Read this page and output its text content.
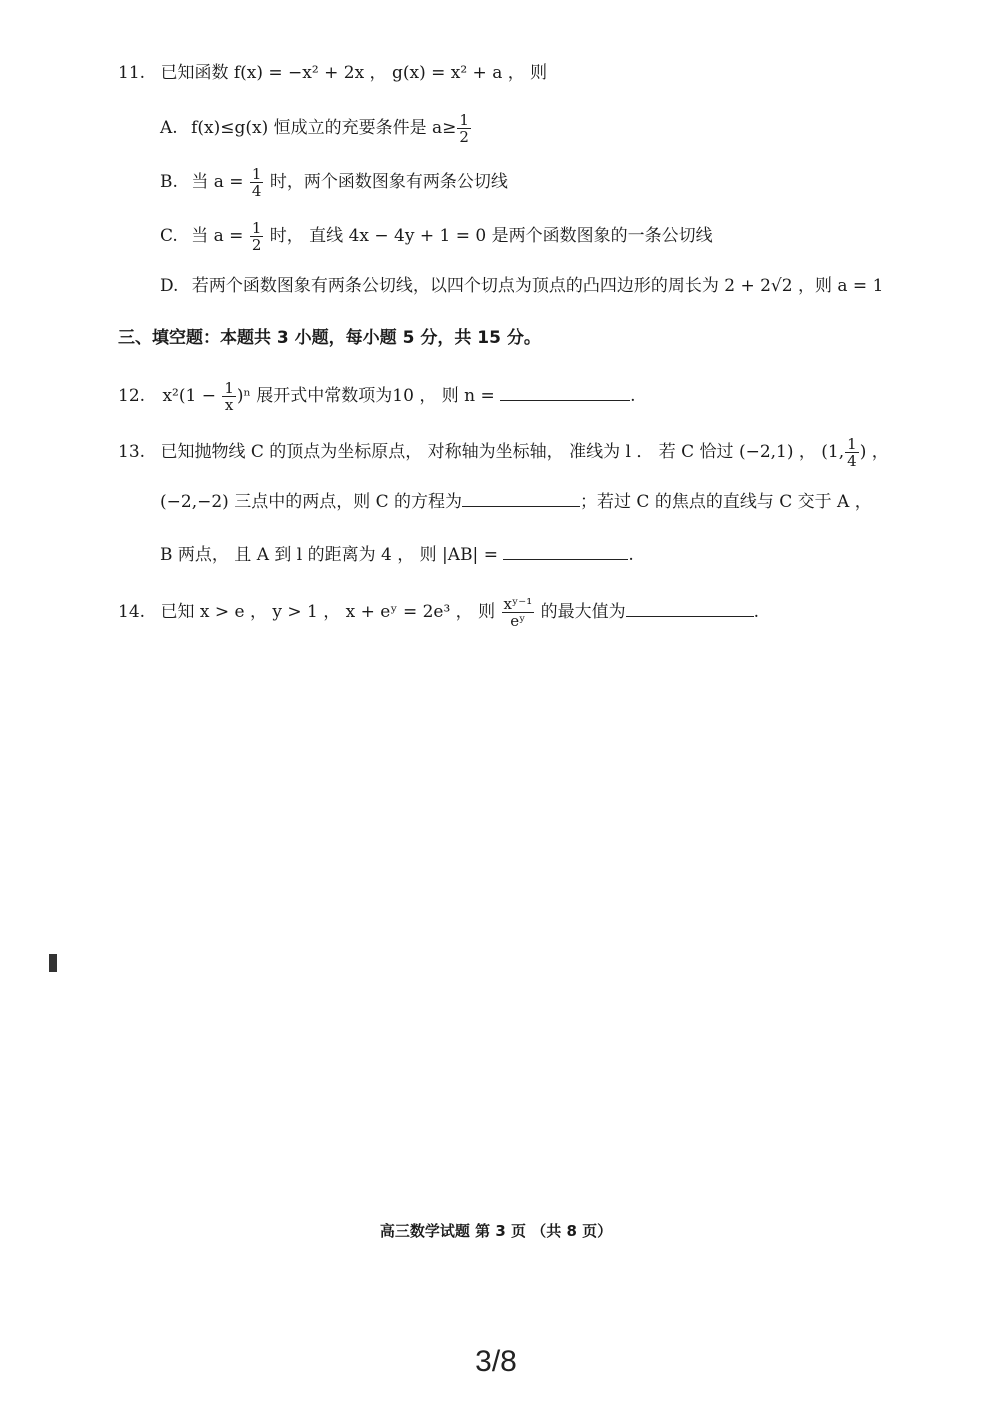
11. 已知函数 f(x) = −x² + 2x ， g(x) = x² + a ， 则
A. f(x)≤g(x) 恒成立的充要条件是 $a\ge \frac{1}{2}$
B. 当 $a = \frac{1}{4}$ 时，两个函数图象有两条公切线
C. 当 $a = \frac{1}{2}$ 时， 直线 4x − 4y + 1 = 0 是两个函数图象的一条公切线
D. 若两个函数图象有两条公切线，以四个切点为顶点的凸四边形的周长为 2 + 2√2 ，则 a = 1
三、填空题：本题共 3 小题，每小题 5 分，共 15 分。
12. $x^2(1 - \frac{1}{x} )^n$ 展开式中常数项为10 ， 则 n =	.
13. 已知抛物线 C 的顶点为坐标原点， 对称轴为坐标轴， 准线为 l ． 若 C 恰过 (−2,1) ， (1, $\frac{1}{4}$ ) ，
(−2,−2) 三点中的两点，则 C 的方程为	；若过 C 的焦点的直线与 C 交于 A ，
B 两点， 且 A 到 l 的距离为 4 ， 则 |AB| =	.
14. 已知 x > e ， y > 1 ， x + eʸ = 2e³ ， 则 $\frac{\text{xʸ⁻¹}}{\text{eʸ}}$ 的最大值为	.
高三数学试题 第 3 页 （共 8 页）
3/8
